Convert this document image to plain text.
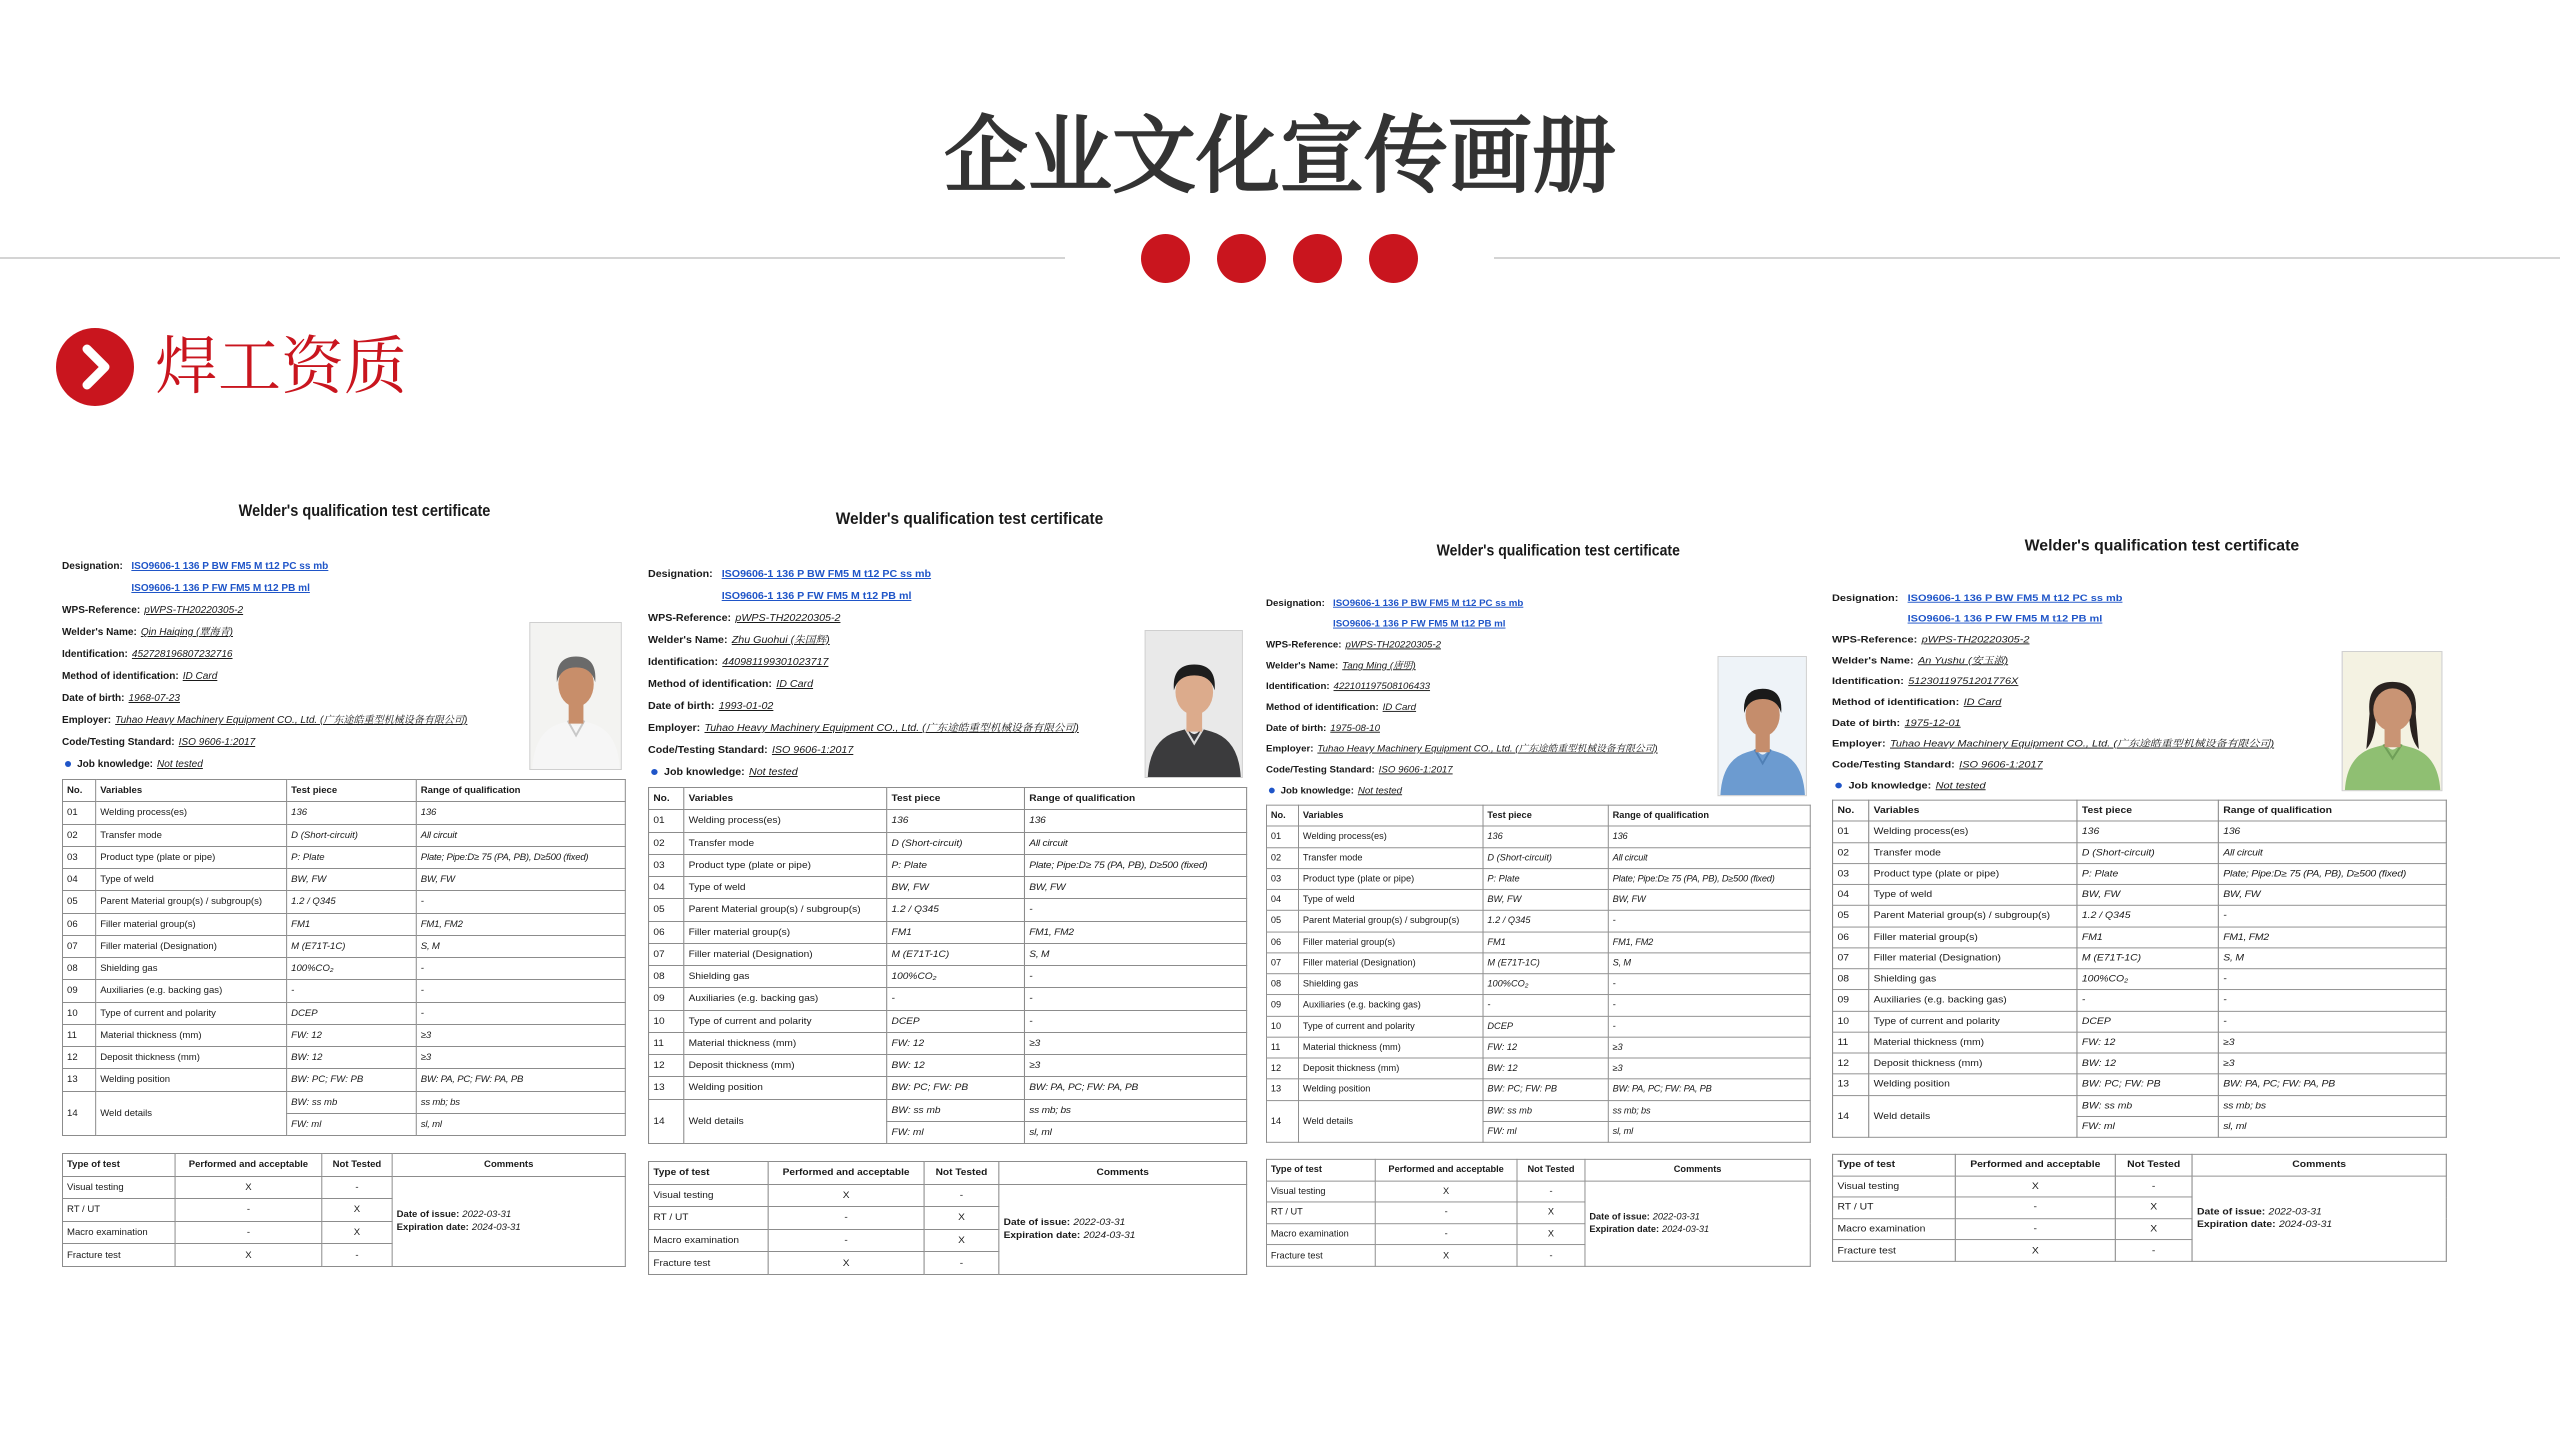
企业文化宣传画册
焊工资质
Welder's qualification test certificate
Designation: ISO9606-1 136 P BW FM5 M t12 PC ss mb
ISO9606-1 136 P FW FM5 M t12 PB ml
WPS-Reference: pWPS-TH20220305-2
Welder's Name: Qin Haiqing (覃海青)
Identification: 452728196807232716
Method of identification: ID Card
Date of birth: 1968-07-23
Employer: Tuhao Heavy Machinery Equipment CO., Ltd. (广东途皓重型机械设备有限公司)
Code/Testing Standard: ISO 9606-1:2017
Job knowledge: Not tested
No.	Variables	Test piece	Range of qualification
01	Welding process(es)	136	136
02	Transfer mode	D (Short-circuit)	All circuit
03	Product type (plate or pipe)	P: Plate	Plate; Pipe:D≥ 75 (PA, PB), D≥500 (fixed)
04	Type of weld	BW, FW	BW, FW
05	Parent Material group(s) / subgroup(s)	1.2 / Q345	-
06	Filler material group(s)	FM1	FM1, FM2
07	Filler material (Designation)	M (E71T-1C)	S, M
08	Shielding gas	100%CO₂	-
09	Auxiliaries (e.g. backing gas)	-	-
10	Type of current and polarity	DCEP	-
11	Material thickness (mm)	FW: 12	≥3
12	Deposit thickness (mm)	BW: 12	≥3
13	Welding position	BW: PC; FW: PB	BW: PA, PC; FW: PA, PB
14	Weld details	BW: ss mb	ss mb; bs
		FW: ml	sl, ml
Type of test	Performed and acceptable	Not Tested	Comments
Visual testing	X	-	Date of issue: 2022-03-31
Expiration date: 2024-03-31

RT / UT	-	X	
Macro examination	-	X	
Fracture test	X	-	
Welder's qualification test certificate
Designation: ISO9606-1 136 P BW FM5 M t12 PC ss mb
ISO9606-1 136 P FW FM5 M t12 PB ml
WPS-Reference: pWPS-TH20220305-2
Welder's Name: Zhu Guohui (朱国辉)
Identification: 440981199301023717
Method of identification: ID Card
Date of birth: 1993-01-02
Employer: Tuhao Heavy Machinery Equipment CO., Ltd. (广东途皓重型机械设备有限公司)
Code/Testing Standard: ISO 9606-1:2017
Job knowledge: Not tested
No.	Variables	Test piece	Range of qualification
01	Welding process(es)	136	136
02	Transfer mode	D (Short-circuit)	All circuit
03	Product type (plate or pipe)	P: Plate	Plate; Pipe:D≥ 75 (PA, PB), D≥500 (fixed)
04	Type of weld	BW, FW	BW, FW
05	Parent Material group(s) / subgroup(s)	1.2 / Q345	-
06	Filler material group(s)	FM1	FM1, FM2
07	Filler material (Designation)	M (E71T-1C)	S, M
08	Shielding gas	100%CO₂	-
09	Auxiliaries (e.g. backing gas)	-	-
10	Type of current and polarity	DCEP	-
11	Material thickness (mm)	FW: 12	≥3
12	Deposit thickness (mm)	BW: 12	≥3
13	Welding position	BW: PC; FW: PB	BW: PA, PC; FW: PA, PB
14	Weld details	BW: ss mb	ss mb; bs
		FW: ml	sl, ml
Type of test	Performed and acceptable	Not Tested	Comments
Visual testing	X	-	Date of issue: 2022-03-31
Expiration date: 2024-03-31

RT / UT	-	X	
Macro examination	-	X	
Fracture test	X	-	
Welder's qualification test certificate
Designation: ISO9606-1 136 P BW FM5 M t12 PC ss mb
ISO9606-1 136 P FW FM5 M t12 PB ml
WPS-Reference: pWPS-TH20220305-2
Welder's Name: Tang Ming (唐明)
Identification: 422101197508106433
Method of identification: ID Card
Date of birth: 1975-08-10
Employer: Tuhao Heavy Machinery Equipment CO., Ltd. (广东途皓重型机械设备有限公司)
Code/Testing Standard: ISO 9606-1:2017
Job knowledge: Not tested
No.	Variables	Test piece	Range of qualification
01	Welding process(es)	136	136
02	Transfer mode	D (Short-circuit)	All circuit
03	Product type (plate or pipe)	P: Plate	Plate; Pipe:D≥ 75 (PA, PB), D≥500 (fixed)
04	Type of weld	BW, FW	BW, FW
05	Parent Material group(s) / subgroup(s)	1.2 / Q345	-
06	Filler material group(s)	FM1	FM1, FM2
07	Filler material (Designation)	M (E71T-1C)	S, M
08	Shielding gas	100%CO₂	-
09	Auxiliaries (e.g. backing gas)	-	-
10	Type of current and polarity	DCEP	-
11	Material thickness (mm)	FW: 12	≥3
12	Deposit thickness (mm)	BW: 12	≥3
13	Welding position	BW: PC; FW: PB	BW: PA, PC; FW: PA, PB
14	Weld details	BW: ss mb	ss mb; bs
		FW: ml	sl, ml
Type of test	Performed and acceptable	Not Tested	Comments
Visual testing	X	-	Date of issue: 2022-03-31
Expiration date: 2024-03-31

RT / UT	-	X	
Macro examination	-	X	
Fracture test	X	-	
Welder's qualification test certificate
Designation: ISO9606-1 136 P BW FM5 M t12 PC ss mb
ISO9606-1 136 P FW FM5 M t12 PB ml
WPS-Reference: pWPS-TH20220305-2
Welder's Name: An Yushu (安玉淑)
Identification: 51230119751201776X
Method of identification: ID Card
Date of birth: 1975-12-01
Employer: Tuhao Heavy Machinery Equipment CO., Ltd. (广东途皓重型机械设备有限公司)
Code/Testing Standard: ISO 9606-1:2017
Job knowledge: Not tested
No.	Variables	Test piece	Range of qualification
01	Welding process(es)	136	136
02	Transfer mode	D (Short-circuit)	All circuit
03	Product type (plate or pipe)	P: Plate	Plate; Pipe:D≥ 75 (PA, PB), D≥500 (fixed)
04	Type of weld	BW, FW	BW, FW
05	Parent Material group(s) / subgroup(s)	1.2 / Q345	-
06	Filler material group(s)	FM1	FM1, FM2
07	Filler material (Designation)	M (E71T-1C)	S, M
08	Shielding gas	100%CO₂	-
09	Auxiliaries (e.g. backing gas)	-	-
10	Type of current and polarity	DCEP	-
11	Material thickness (mm)	FW: 12	≥3
12	Deposit thickness (mm)	BW: 12	≥3
13	Welding position	BW: PC; FW: PB	BW: PA, PC; FW: PA, PB
14	Weld details	BW: ss mb	ss mb; bs
		FW: ml	sl, ml
Type of test	Performed and acceptable	Not Tested	Comments
Visual testing	X	-	Date of issue: 2022-03-31
Expiration date: 2024-03-31

RT / UT	-	X	
Macro examination	-	X	
Fracture test	X	-	
